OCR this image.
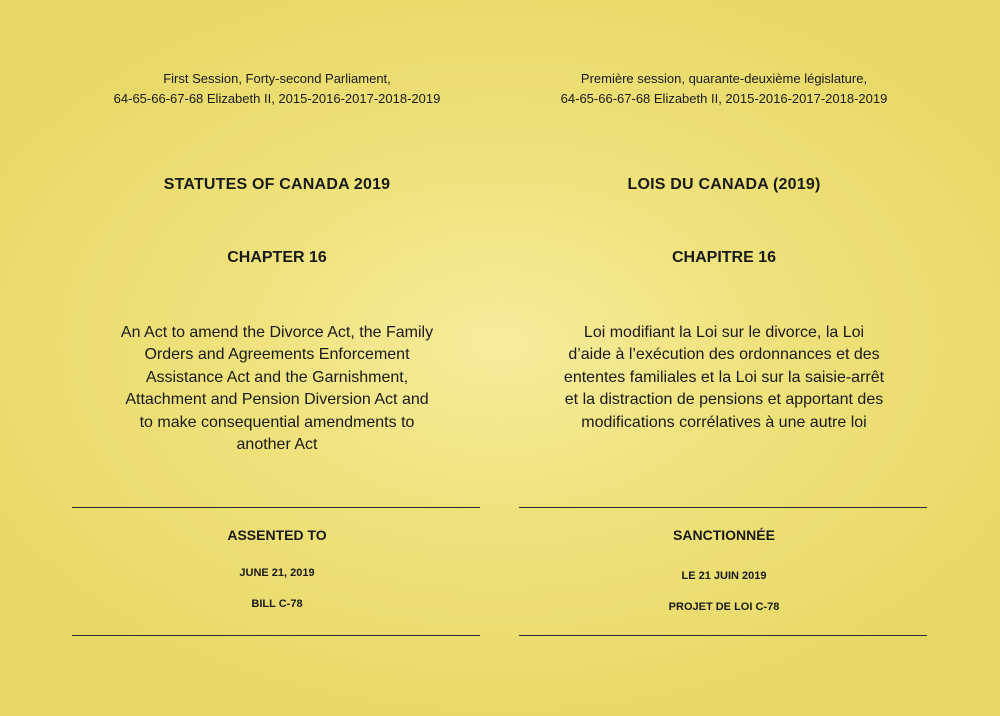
First Session, Forty-second Parliament,
64-65-66-67-68 Elizabeth II, 2015-2016-2017-2018-2019
STATUTES OF CANADA 2019
CHAPTER 16
An Act to amend the Divorce Act, the Family
Orders and Agreements Enforcement
Assistance Act and the Garnishment,
Attachment and Pension Diversion Act and
to make consequential amendments to
another Act
ASSENTED TO
JUNE 21, 2019
BILL C-78
Première session, quarante-deuxième législature,
64-65-66-67-68 Elizabeth II, 2015-2016-2017-2018-2019
LOIS DU CANADA (2019)
CHAPITRE 16
Loi modifiant la Loi sur le divorce, la Loi
d’aide à l’exécution des ordonnances et des
ententes familiales et la Loi sur la saisie-arrêt
et la distraction de pensions et apportant des
modifications corrélatives à une autre loi
SANCTIONNÉE
LE 21 JUIN 2019
PROJET DE LOI C-78
